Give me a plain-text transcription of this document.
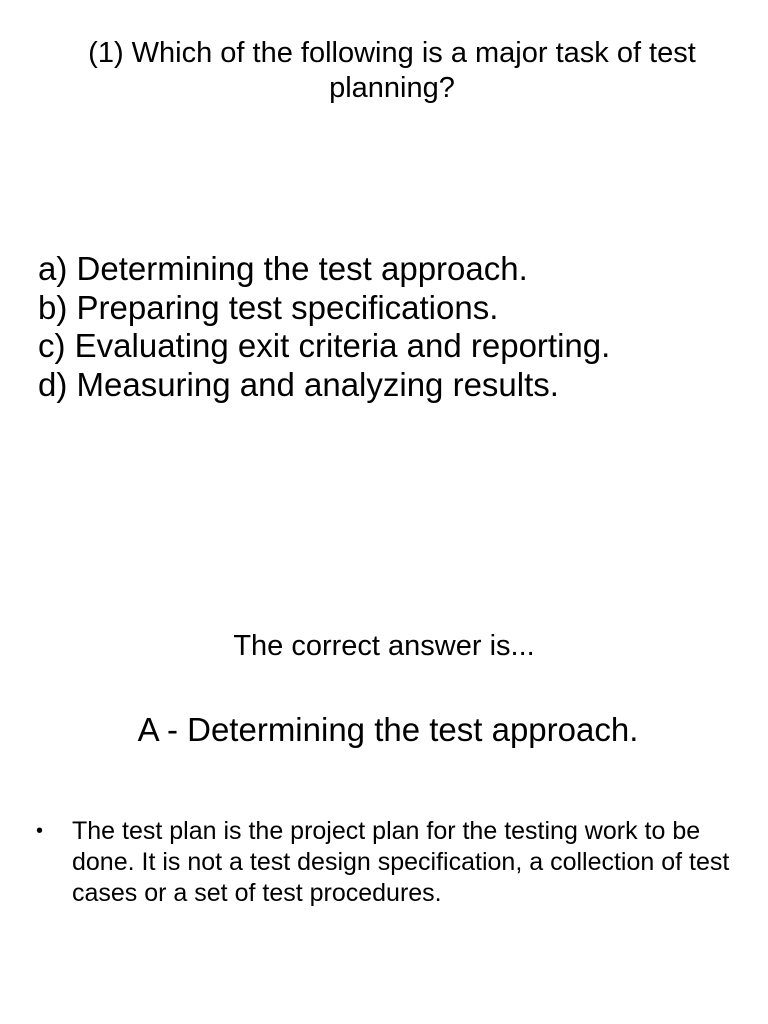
(1) Which of the following is a major task of test planning?
a) Determining the test approach.
b) Preparing test specifications.
c) Evaluating exit criteria and reporting.
d) Measuring and analyzing results.
The correct answer is...
A - Determining the test approach.
• The test plan is the project plan for the testing work to be done. It is not a test design specification, a collection of test cases or a set of test procedures.
